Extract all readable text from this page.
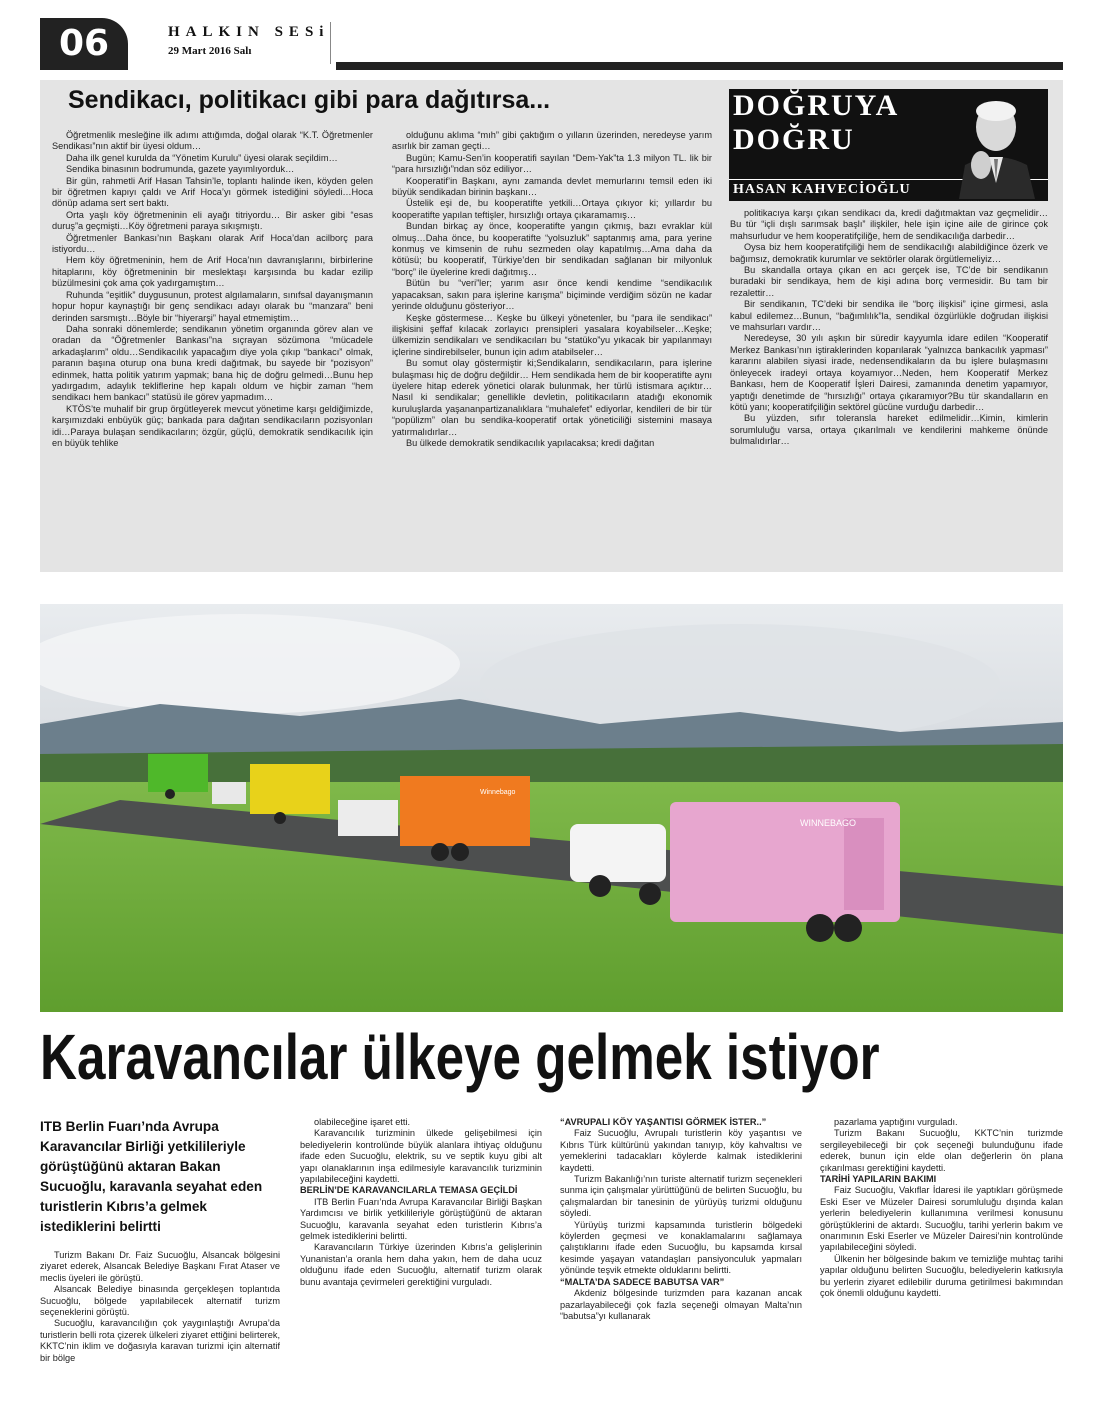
06	HALKIN SESi
29 Mart 2016 Salı
Sendikacı, politikacı gibi para dağıtırsa...	DOĞRUYA
DOĞRU
HASAN KAHVECİOĞLU

Öğretmenlik mesleğine ilk adımı attığımda, doğal olarak “K.T. Öğretmenler Sendikası”nın aktif bir üyesi oldum…

Daha ilk genel kurulda da “Yönetim Kurulu” üyesi olarak seçildim…

Sendika binasının bodrumunda, gazete yayımlıyorduk…

Bir gün, rahmetli Arif Hasan Tahsin’le, toplantı halinde iken, köyden gelen bir öğretmen kapıyı çaldı ve Arif Hoca’yı görmek istediğini söyledi…Hoca dönüp adama sert sert baktı.

Orta yaşlı köy öğretmeninin eli ayağı titriyordu… Bir asker gibi “esas duruş”a geçmişti…Köy öğretmeni paraya sıkışmıştı.

Öğretmenler Bankası’nın Başkanı olarak Arif Hoca’dan acilborç para istiyordu…

Hem köy öğretmeninin, hem de Arif Hoca’nın davranışlarını, birbirlerine hitaplarını, köy öğretmeninin bir meslektaşı karşısında bu kadar ezilip büzülmesini çok ama çok yadırgamıştım…

Ruhunda “eşitlik” duygusunun, protest algılamaların, sınıfsal dayanışmanın hopur hopur kaynaştığı bir genç sendikacı adayı olarak bu “manzara” beni derinden sarsmıştı…Böyle bir “hiyerarşi” hayal etmemiştim…

Daha sonraki dönemlerde; sendikanın yönetim organında görev alan ve oradan da “Öğretmenler Bankası”na sıçrayan sözümona “mücadele arkadaşlarım” oldu…Sendikacılık yapacağım diye yola çıkıp “bankacı” olmak, paranın başına oturup ona buna kredi dağıtmak, bu sayede bir “pozisyon” edinmek, hatta politik yatırım yapmak; bana hiç de doğru gelmedi…Bunu hep yadırgadım, adaylık tekliflerine hep kapalı oldum ve hiçbir zaman “hem sendikacı hem bankacı” statüsü ile görev yapmadım…

KTÖS’te muhalif bir grup örgütleyerek mevcut yönetime karşı geldiğimizde, karşımızdaki enbüyük güç; bankada para dağıtan sendikacıların pozisyonları idi…Paraya bulaşan sendikacıların; özgür, güçlü, demokratik sendikacılık için en büyük tehlike

olduğunu aklıma “mıh” gibi çaktığım o yılların üzerinden, neredeyse yarım asırlık bir zaman geçti…

Bugün; Kamu-Sen’in kooperatifi sayılan “Dem-Yak”ta 1.3 milyon TL. lik bir “para hırsızlığı”ndan söz ediliyor…

Kooperatif’in Başkanı, aynı zamanda devlet memurlarını temsil eden iki büyük sendikadan birinin başkanı…

Üstelik eşi de, bu kooperatifte yetkili…Ortaya çıkıyor ki; yıllardır bu kooperatifte yapılan teftişler, hırsızlığı ortaya çıkaramamış…

Bundan birkaç ay önce, kooperatifte yangın çıkmış, bazı evraklar kül olmuş…Daha önce, bu kooperatifte “yolsuzluk” saptanmış ama, para yerine konmuş ve kimsenin de ruhu sezmeden olay kapatılmış…Ama daha da kötüsü; bu kooperatif, Türkiye’den bir sendikadan sağlanan bir milyonluk “borç” ile üyelerine kredi dağıtmış…

Bütün bu “veri”ler; yarım asır önce kendi kendime “sendikacılık yapacaksan, sakın para işlerine karışma” biçiminde verdiğim sözün ne kadar yerinde olduğunu gösteriyor…

Keşke göstermese… Keşke bu ülkeyi yönetenler, bu “para ile sendikacı” ilişkisini şeffaf kılacak zorlayıcı prensipleri yasalara koyabilseler…Keşke; ülkemizin sendikaları ve sendikacıları bu “statüko”yu yıkacak bir yapılanmayı içlerine sindirebilseler, bunun için adım atabilseler…

Bu somut olay göstermiştir ki;Sendikaların, sendikacıların, para işlerine bulaşması hiç de doğru değildir… Hem sendikada hem de bir kooperatifte aynı üyelere hitap ederek yönetici olarak bulunmak, her türlü istismara açıktır…Nasıl ki sendikalar; genellikle devletin, politikacıların atadığı ekonomik kuruluşlarda yaşananpartizanalıklara “muhalefet” ediyorlar, kendileri de bir tür “popülizm” olan bu sendika-kooperatif ortak yöneticiliği sistemini masaya yatırmalıdırlar…

Bu ülkede demokratik sendikacılık yapılacaksa; kredi dağıtan

politikacıya karşı çıkan sendikacı da, kredi dağıtmaktan vaz geçmelidir…Bu tür “içli dışlı sarımsak başlı” ilişkiler, hele işin içine aile de girince çok mahsurludur ve hem kooperatifçiliğe, hem de sendikacılığa darbedir…

Oysa biz hem kooperatifçiliği hem de sendikacılığı alabildiğince özerk ve bağımsız, demokratik kurumlar ve sektörler olarak örgütlemeliyiz…

Bu skandalla ortaya çıkan en acı gerçek ise, TC’de bir sendikanın buradaki bir sendikaya, hem de kişi adına borç vermesidir. Bu tam bir rezalettir…

Bir sendikanın, TC’deki bir sendika ile “borç ilişkisi” içine girmesi, asla kabul edilemez…Bunun, “bağımlılık”la, sendikal özgürlükle doğrudan ilişkisi ve mahsurları vardır…

Neredeyse, 30 yılı aşkın bir süredir kayyumla idare edilen “Kooperatif Merkez Bankası’nın iştiraklerinden koparılarak “yalnızca bankacılık yapması” kararını alabilen siyasi irade, nedensendikaların da bu işlere bulaşmasını önleyecek iradeyi ortaya koyamıyor…Neden, hem Kooperatif Merkez Bankası, hem de Kooperatif İşleri Dairesi, zamanında denetim yapamıyor, yaptığı denetimde de “hırsızlığı” ortaya çıkaramıyor?Bu tür skandalların en kötü yanı; kooperatifçiliğin sektörel gücüne vurduğu darbedir…

Bu yüzden, sıfır toleransla hareket edilmelidir…Kimin, kimlerin sorumluluğu varsa, ortaya çıkarılmalı ve kendilerini mahkeme önünde bulmalıdırlar…

Winnebago
WINNEBAGO
Karavancılar ülkeye gelmek istiyor
ITB Berlin Fuarı’nda Avrupa Karavancılar Birliği yetkilileriyle görüştüğünü aktaran Bakan Sucuoğlu, karavanla seyahat eden turistlerin Kıbrıs’a gelmek istediklerini belirtti

Turizm Bakanı Dr. Faiz Sucuoğlu, Alsancak bölgesini ziyaret ederek, Alsancak Belediye Başkanı Fırat Ataser ve meclis üyeleri ile görüştü.

Alsancak Belediye binasında gerçekleşen toplantıda Sucuoğlu, bölgede yapılabilecek alternatif turizm seçeneklerini görüştü.

Sucuoğlu, karavancılığın çok yaygınlaştığı Avrupa’da turistlerin belli rota çizerek ülkeleri ziyaret ettiğini belirterek, KKTC’nin iklim ve doğasıyla karavan turizmi için alternatif bir bölge

olabileceğine işaret etti.

Karavancılık turizminin ülkede gelişebilmesi için belediyelerin kontrolünde büyük alanlara ihtiyaç olduğunu ifade eden Sucuoğlu, elektrik, su ve septik kuyu gibi alt yapı olanaklarının inşa edilmesiyle karavancılık turizminin yapılabileceğini kaydetti.

BERLİN’DE KARAVANCILARLA TEMASA GEÇİLDİ

ITB Berlin Fuarı’nda Avrupa Karavancılar Birliği Başkan Yardımcısı ve birlik yetkilileriyle görüştüğünü de aktaran Sucuoğlu, karavanla seyahat eden turistlerin Kıbrıs’a gelmek istediklerini belirtti.

Karavancıların Türkiye üzerinden Kıbrıs’a gelişlerinin Yunanistan’a oranla hem daha yakın, hem de daha ucuz olduğunu ifade eden Sucuoğlu, alternatif turizm olarak bunu avantaja çevirmeleri gerektiğini vurguladı.

“AVRUPALI KÖY YAŞANTISI GÖRMEK İSTER..”

Faiz Sucuoğlu, Avrupalı turistlerin köy yaşantısı ve Kıbrıs Türk kültürünü yakından tanıyıp, köy kahvaltısı ve yemeklerini tadacakları köylerde kalmak istediklerini kaydetti.

Turizm Bakanlığı’nın turiste alternatif turizm seçenekleri sunma için çalışmalar yürüttüğünü de belirten Sucuoğlu, bu çalışmalardan bir tanesinin de yürüyüş turizmi olduğunu söyledi.

Yürüyüş turizmi kapsamında turistlerin bölgedeki köylerden geçmesi ve konaklamalarını sağlamaya çalıştıklarını ifade eden Sucuoğlu, bu kapsamda kırsal kesimde yaşayan vatandaşları pansiyonculuk yapmaları yönünde teşvik etmekte olduklarını belirtti.

“MALTA’DA SADECE BABUTSA VAR”

Akdeniz bölgesinde turizmden para kazanan ancak pazarlayabileceği çok fazla seçeneği olmayan Malta’nın “babutsa”yı kullanarak

pazarlama yaptığını vurguladı.

Turizm Bakanı Sucuoğlu, KKTC’nin turizmde sergileyebileceği bir çok seçeneği bulunduğunu ifade ederek, bunun için elde olan değerlerin ön plana çıkarılması gerektiğini kaydetti.

TARİHİ YAPILARIN BAKIMI

Faiz Sucuoğlu, Vakıflar İdaresi ile yaptıkları görüşmede Eski Eser ve Müzeler Dairesi sorumluluğu dışında kalan yerlerin belediyelerin kullanımına verilmesi konusunu görüştüklerini de aktardı. Sucuoğlu, tarihi yerlerin bakım ve onarımının Eski Eserler ve Müzeler Dairesi’nin kontrolünde yapılabileceğini söyledi.

Ülkenin her bölgesinde bakım ve temizliğe muhtaç tarihi yapılar olduğunu belirten Sucuoğlu, belediyelerin katkısıyla bu yerlerin ziyaret edilebilir duruma getirilmesi bakımından çok önemli olduğunu kaydetti.
